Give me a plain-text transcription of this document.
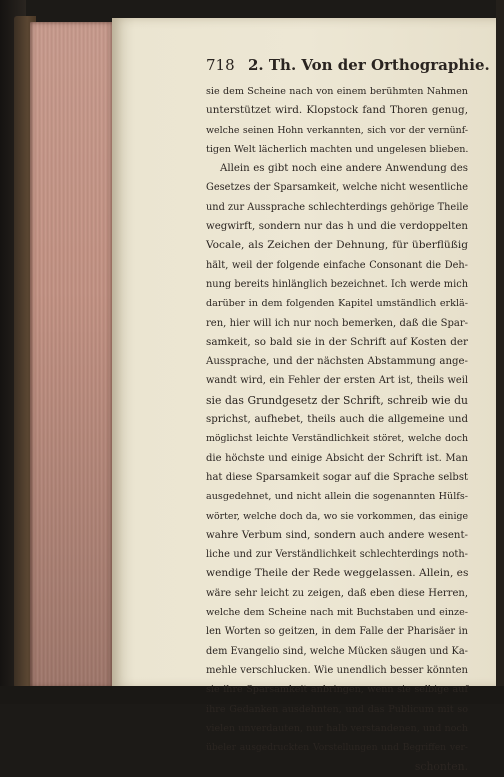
718 2. Th. Von der Orthographie.
sie dem Scheine nach von einem berühmten Nahmen
unterstützet wird. Klopstock fand Thoren genug,
welche seinen Hohn verkannten, sich vor der vernünf-
tigen Welt lächerlich machten und ungelesen blieben.
Allein es gibt noch eine andere Anwendung des
Gesetzes der Sparsamkeit, welche nicht wesentliche
und zur Aussprache schlechterdings gehörige Theile
wegwirft, sondern nur das h und die verdoppelten
Vocale, als Zeichen der Dehnung, für überflüßig
hält, weil der folgende einfache Consonant die Deh-
nung bereits hinlänglich bezeichnet. Ich werde mich
darüber in dem folgenden Kapitel umständlich erklä-
ren, hier will ich nur noch bemerken, daß die Spar-
samkeit, so bald sie in der Schrift auf Kosten der
Aussprache, und der nächsten Abstammung ange-
wandt wird, ein Fehler der ersten Art ist, theils weil
sie das Grundgesetz der Schrift, schreib wie du
sprichst, aufhebet, theils auch die allgemeine und
möglichst leichte Verständlichkeit störet, welche doch
die höchste und einige Absicht der Schrift ist. Man
hat diese Sparsamkeit sogar auf die Sprache selbst
ausgedehnet, und nicht allein die sogenannten Hülfs-
wörter, welche doch da, wo sie vorkommen, das einige
wahre Verbum sind, sondern auch andere wesent-
liche und zur Verständlichkeit schlechterdings noth-
wendige Theile der Rede weggelassen. Allein, es
wäre sehr leicht zu zeigen, daß eben diese Herren,
welche dem Scheine nach mit Buchstaben und einze-
len Worten so geitzen, in dem Falle der Pharisäer in
dem Evangelio sind, welche Mücken säugen und Ka-
mehle verschlucken. Wie unendlich besser könnten
sie ihre Sparsamkeit anbringen, wenn sie selbige auf
ihre Gedanken ausdehnten, und das Publicum mit so
vielen unverdauten, nur halb verstandenen, und noch
übeler ausgedruckten Vorstellungen und Begriffen ver-
schonten.
